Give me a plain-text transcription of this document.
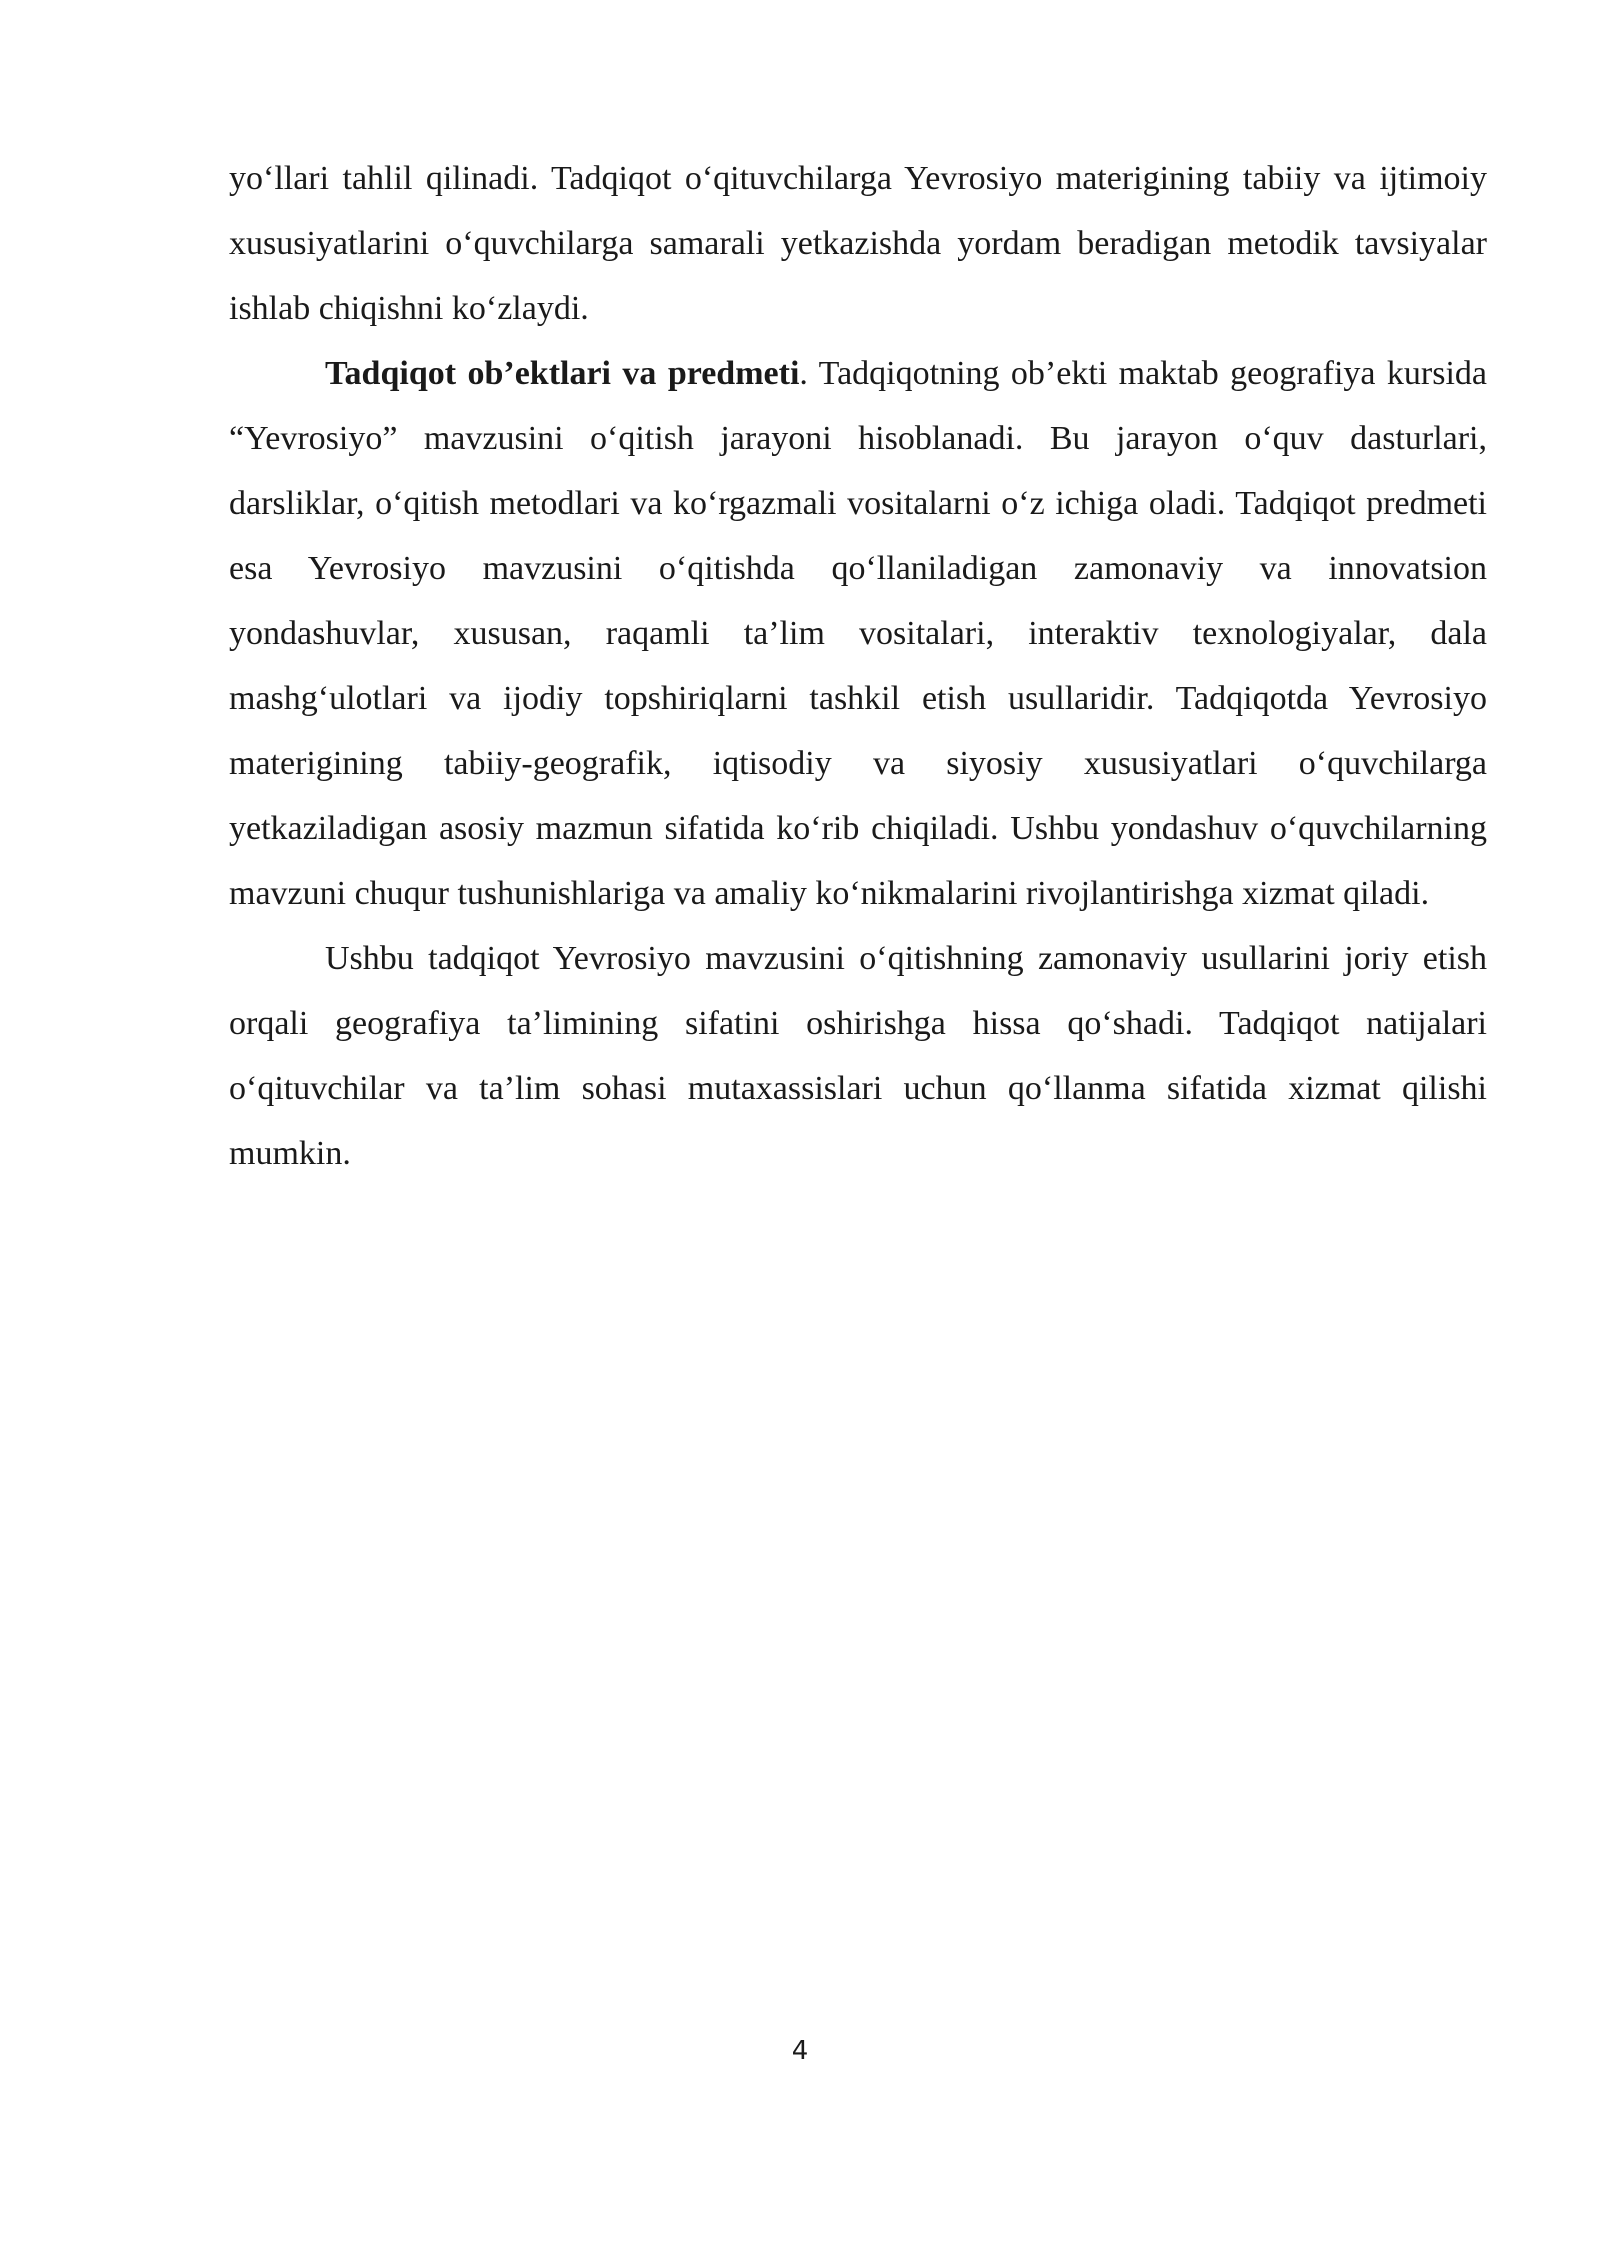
yo‘llari tahlil qilinadi. Tadqiqot o‘qituvchilarga Yevrosiyo materigining tabiiy va ijtimoiy xususiyatlarini o‘quvchilarga samarali yetkazishda yordam beradigan metodik tavsiyalar ishlab chiqishni ko‘zlaydi.

Tadqiqot ob’ektlari va predmeti. Tadqiqotning ob’ekti maktab geografiya kursida “Yevrosiyo” mavzusini o‘qitish jarayoni hisoblanadi. Bu jarayon o‘quv dasturlari, darsliklar, o‘qitish metodlari va ko‘rgazmali vositalarni o‘z ichiga oladi. Tadqiqot predmeti esa Yevrosiyo mavzusini o‘qitishda qo‘llaniladigan zamonaviy va innovatsion yondashuvlar, xususan, raqamli ta’lim vositalari, interaktiv texnologiyalar, dala mashg‘ulotlari va ijodiy topshiriqlarni tashkil etish usullaridir. Tadqiqotda Yevrosiyo materigining tabiiy-geografik, iqtisodiy va siyosiy xususiyatlari o‘quvchilarga yetkaziladigan asosiy mazmun sifatida ko‘rib chiqiladi. Ushbu yondashuv o‘quvchilarning mavzuni chuqur tushunishlariga va amaliy ko‘nikmalarini rivojlantirishga xizmat qiladi.

Ushbu tadqiqot Yevrosiyo mavzusini o‘qitishning zamonaviy usullarini joriy etish orqali geografiya ta’limining sifatini oshirishga hissa qo‘shadi. Tadqiqot natijalari o‘qituvchilar va ta’lim sohasi mutaxassislari uchun qo‘llanma sifatida xizmat qilishi mumkin.

4
